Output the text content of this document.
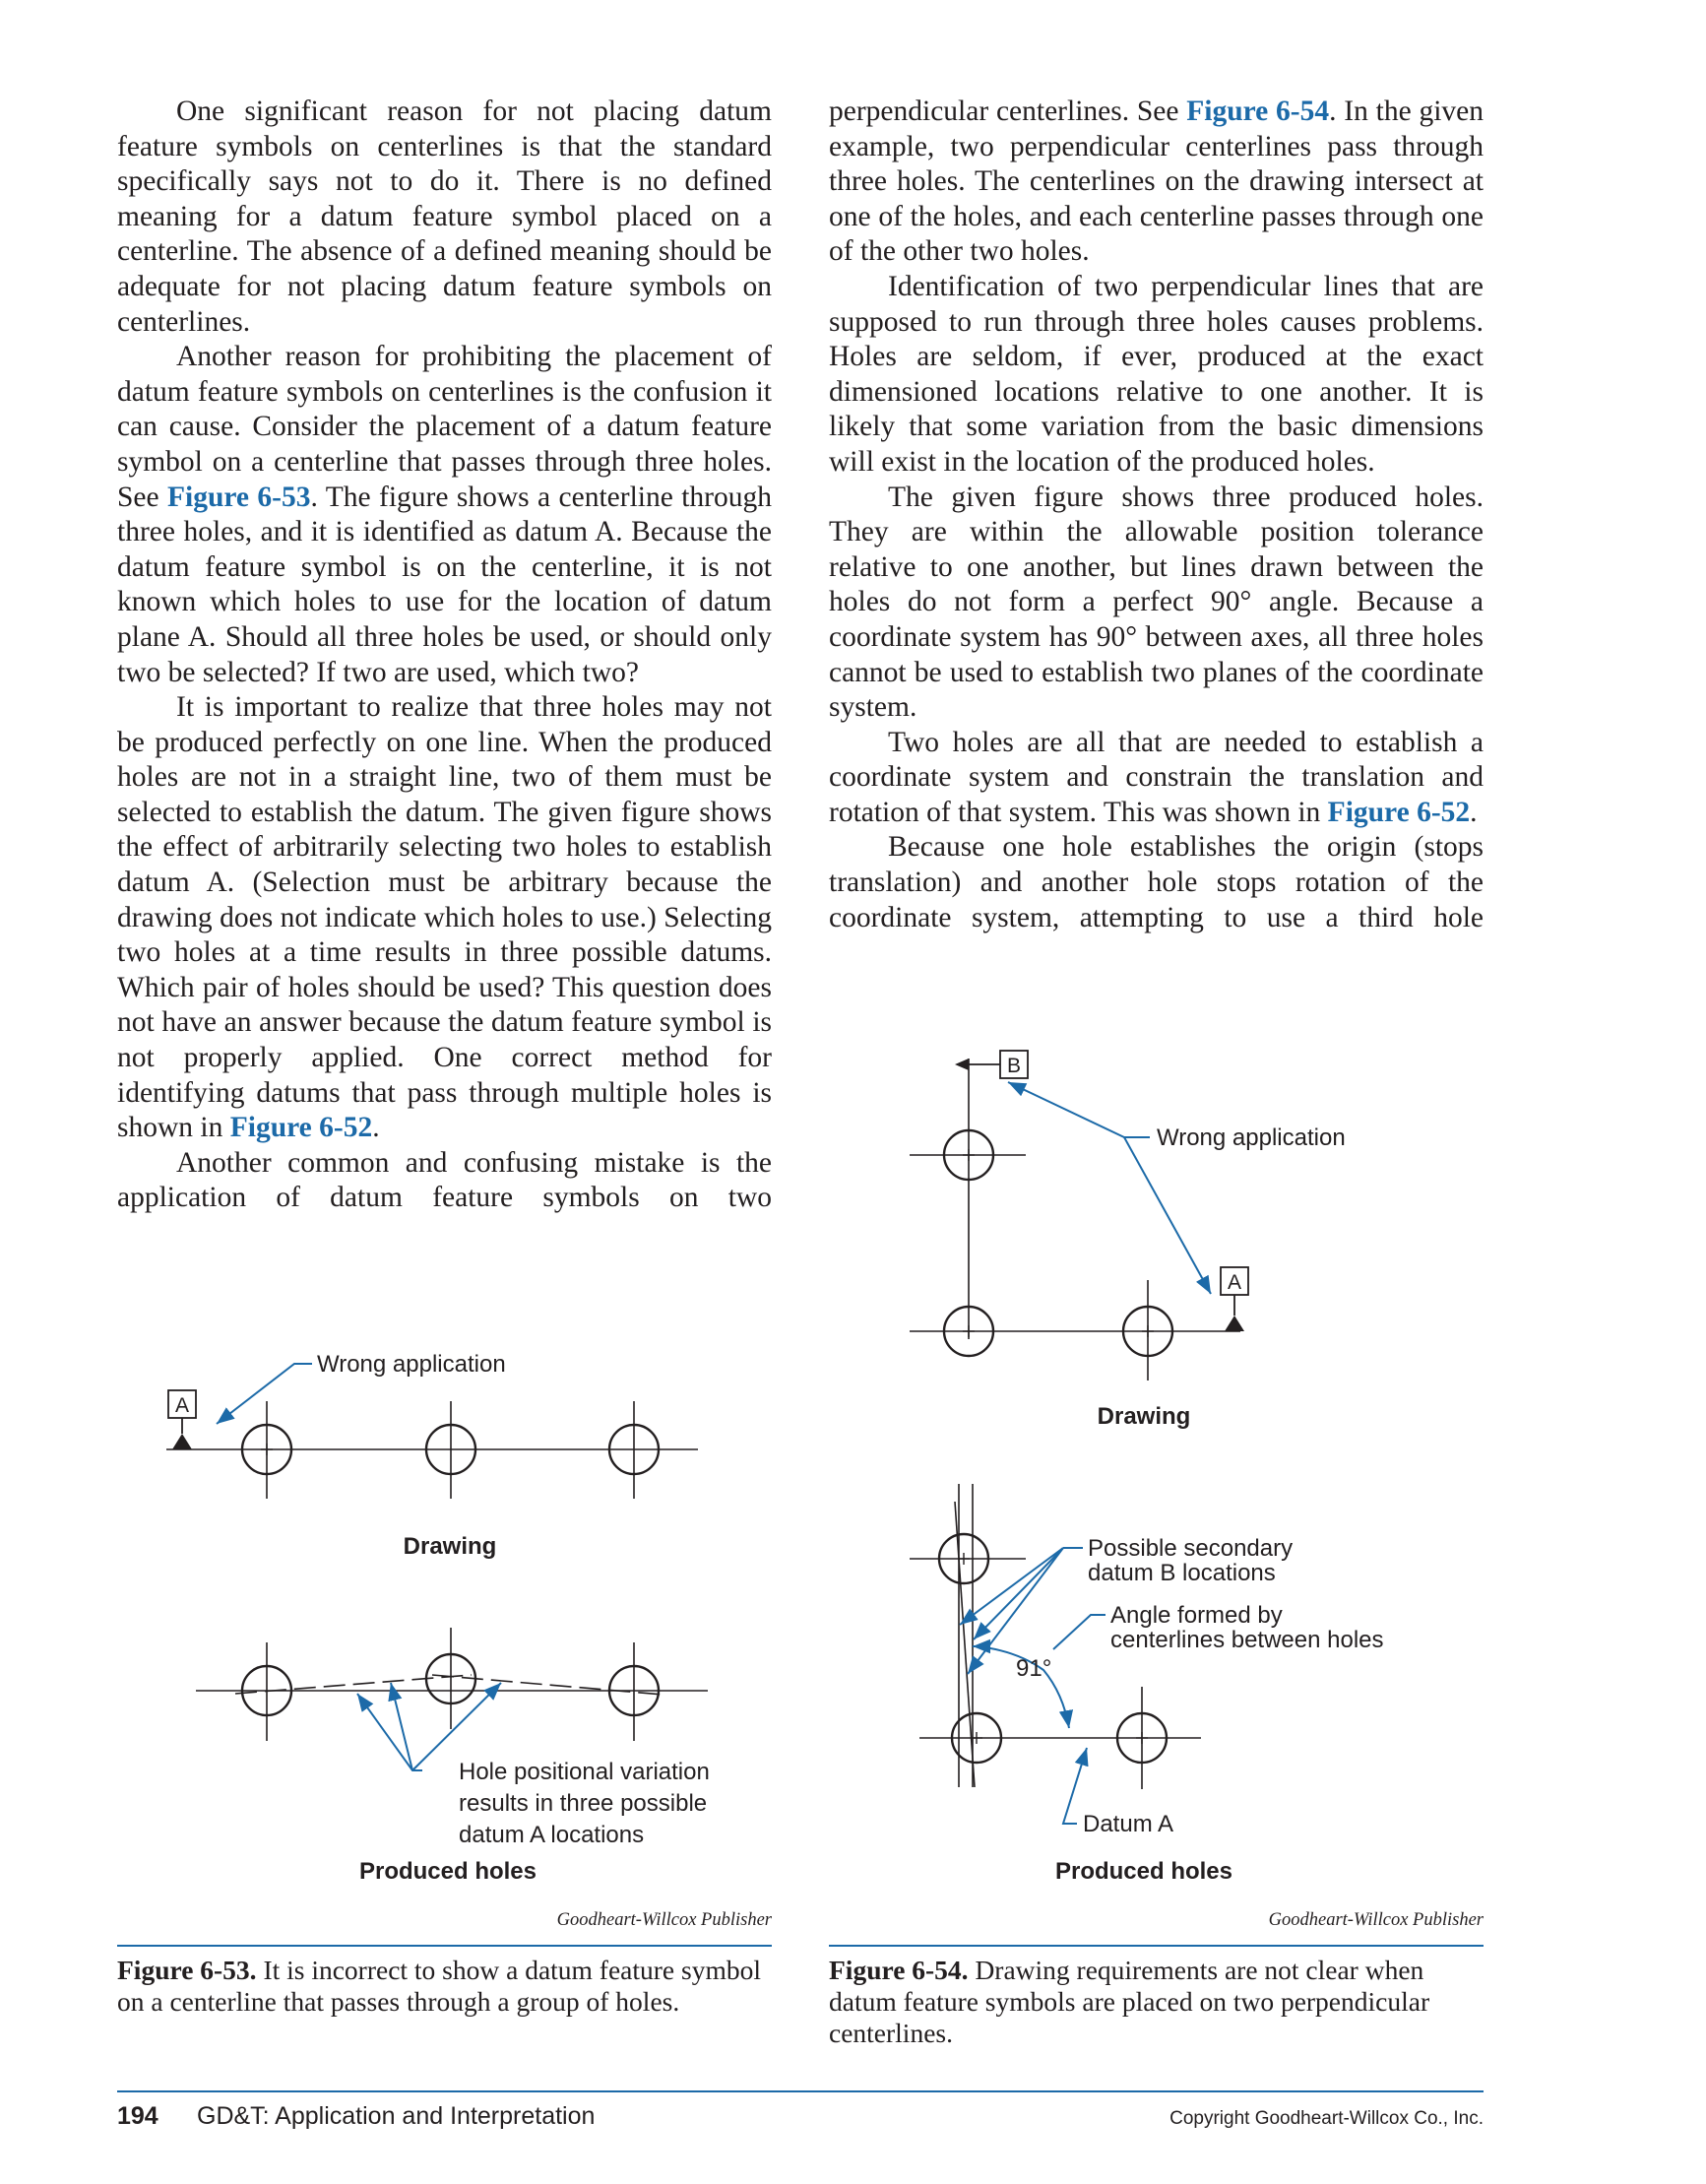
One significant reason for not placing datum feature symbols on centerlines is that the standard specifically says not to do it. There is no defined meaning for a datum feature symbol placed on a centerline. The absence of a defined meaning should be adequate for not placing datum feature symbols on centerlines.

Another reason for prohibiting the placement of datum feature symbols on centerlines is the confusion it can cause. Consider the placement of a datum feature symbol on a centerline that passes through three holes. See Figure 6-53. The figure shows a centerline through three holes, and it is identified as datum A. Because the datum feature symbol is on the centerline, it is not known which holes to use for the location of datum plane A. Should all three holes be used, or should only two be selected? If two are used, which two?

It is important to realize that three holes may not be produced perfectly on one line. When the produced holes are not in a straight line, two of them must be selected to establish the datum. The given figure shows the effect of arbitrarily selecting two holes to establish datum A. (Selection must be arbitrary because the drawing does not indicate which holes to use.) Selecting two holes at a time results in three possible datums. Which pair of holes should be used? This question does not have an answer because the datum feature symbol is not properly applied. One correct method for identifying datums that pass through multiple holes is shown in Figure 6-52.

Another common and confusing mistake is the application of datum feature symbols on two

perpendicular centerlines. See Figure 6-54. In the given example, two perpendicular centerlines pass through three holes. The centerlines on the drawing intersect at one of the holes, and each centerline passes through one of the other two holes.

Identification of two perpendicular lines that are supposed to run through three holes causes problems. Holes are seldom, if ever, produced at the exact dimensioned locations relative to one another. It is likely that some variation from the basic dimensions will exist in the location of the produced holes.

The given figure shows three produced holes. They are within the allowable position tolerance relative to one another, but lines drawn between the holes do not form a perfect 90° angle. Because a coordinate system has 90° between axes, all three holes cannot be used to establish two planes of the coordinate system.

Two holes are all that are needed to establish a coordinate system and constrain the translation and rotation of that system. This was shown in Figure 6-52.

Because one hole establishes the origin (stops translation) and another hole stops rotation of the coordinate system, attempting to use a third hole

Wrong application
A
Drawing
Hole positional variation
results in three possible
datum A locations
Produced holes
B
A
Wrong application
Drawing
Possible secondary
datum B locations
Angle formed by
centerlines between holes
91°
Datum A
Produced holes
Goodheart-Willcox Publisher	Goodheart-Willcox Publisher
Figure 6-53. It is incorrect to show a datum feature symbol on a centerline that passes through a group of holes.
Figure 6-54. Drawing requirements are not clear when datum feature symbols are placed on two perpendicular centerlines.
194 GD&T: Application and Interpretation	Copyright Goodheart-Willcox Co., Inc.
